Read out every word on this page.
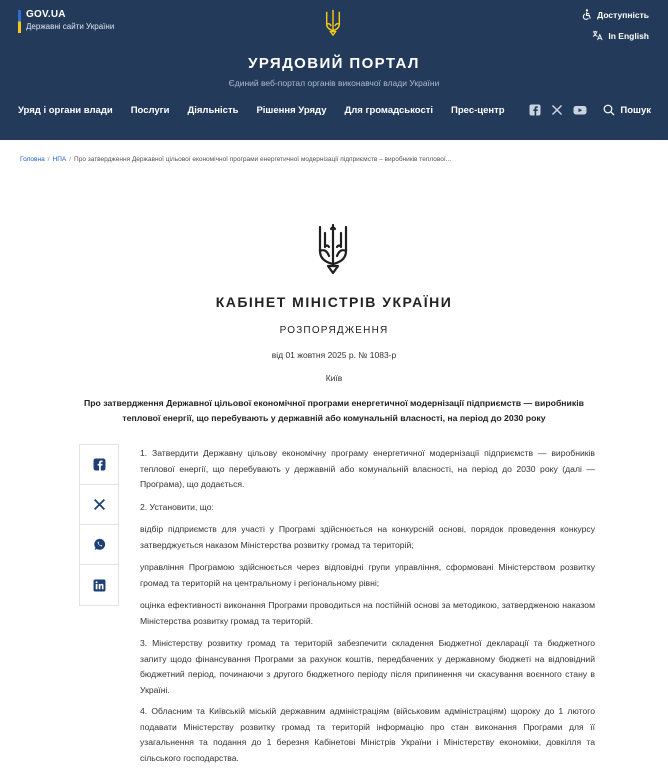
GOV.UA
Державні сайти України
Доступність
In English
УРЯДОВИЙ ПОРТАЛ
Єдиний веб-портал органів виконавчої влади України
Уряд і органи влади Послуги Діяльність Рішення Уряду Для громадськості Прес-центр	Пошук
Головна / НПА / Про затвердження Державної цільової економічної програми енергетичної модернізації підприємств – виробників теплової...
КАБІНЕТ МІНІСТРІВ УКРАЇНИ
РОЗПОРЯДЖЕННЯ
від 01 жовтня 2025 р. № 1083-р
Київ
Про затвердження Державної цільової економічної програми енергетичної модернізації підприємств — виробників теплової енергії, що перебувають у державній або комунальній власності, на період до 2030 року
1. Затвердити Державну цільову економічну програму енергетичної модернізації підприємств — виробників теплової енергії, що перебувають у державній або комунальній власності, на період до 2030 року (далі — Програма), що додається.
2. Установити, що:
відбір підприємств для участі у Програмі здійснюється на конкурсній основі, порядок проведення конкурсу затверджується наказом Міністерства розвитку громад та територій;
управління Програмою здійснюється через відповідні групи управління, сформовані Міністерством розвитку громад та територій на центральному і регіональному рівні;
оцінка ефективності виконання Програми проводиться на постійній основі за методикою, затвердженою наказом Міністерства розвитку громад та територій.
3. Міністерству розвитку громад та територій забезпечити складення Бюджетної декларації та бюджетного запиту щодо фінансування Програми за рахунок коштів, передбачених у державному бюджеті на відповідний бюджетний період, починаючи з другого бюджетного періоду після припинення чи скасування воєнного стану в Україні.
4. Обласним та Київській міській державним адміністраціям (військовим адміністраціям) щороку до 1 лютого подавати Міністерству розвитку громад та територій інформацію про стан виконання Програми для її узагальнення та подання до 1 березня Кабінетові Міністрів України і Міністерству економіки, довкілля та сільського господарства.
